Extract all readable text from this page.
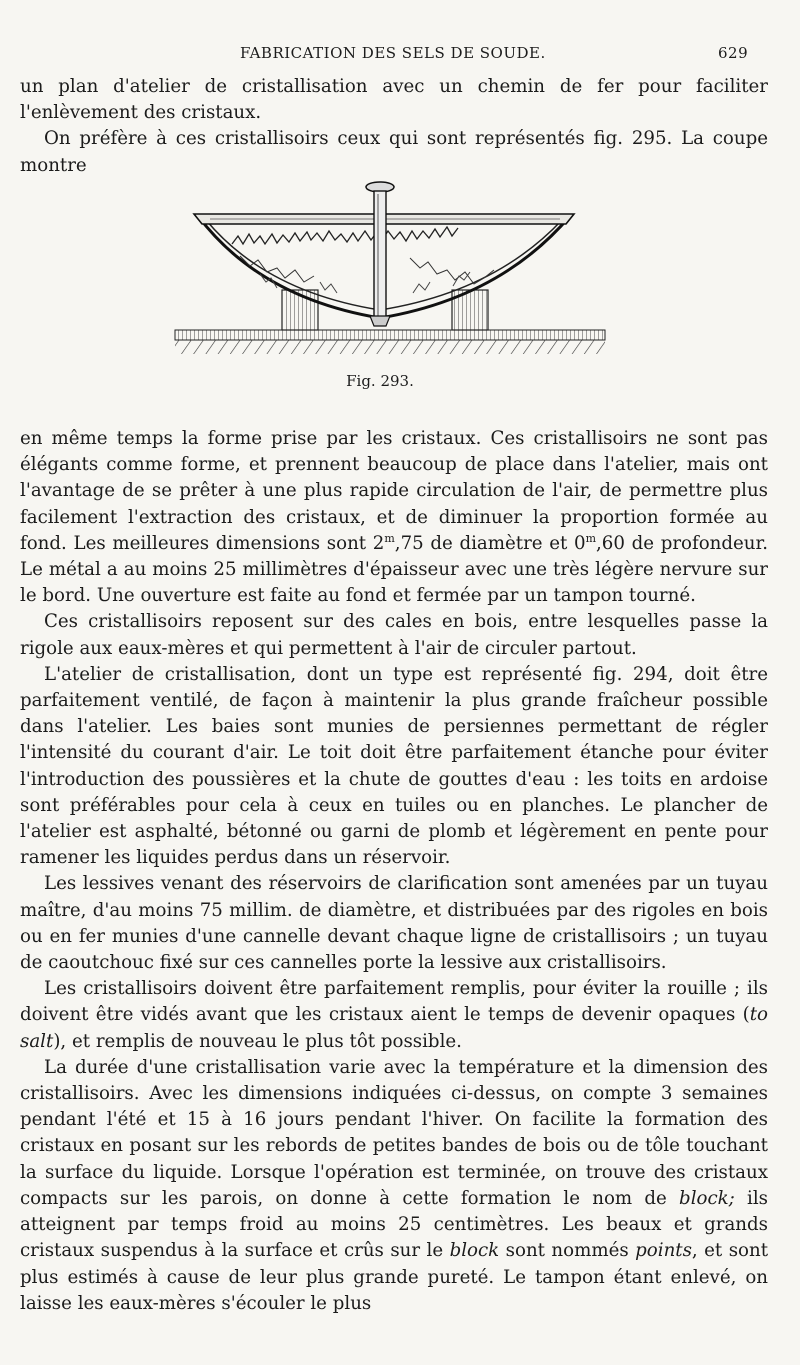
FABRICATION DES SELS DE SOUDE.	629

un plan d'atelier de cristallisation avec un chemin de fer pour faciliter l'enlèvement des cristaux.

On préfère à ces cristallisoirs ceux qui sont représentés fig. 295. La coupe montre

Fig. 293.

en même temps la forme prise par les cristaux. Ces cristallisoirs ne sont pas élégants comme forme, et prennent beaucoup de place dans l'atelier, mais ont l'avantage de se prêter à une plus rapide circulation de l'air, de permettre plus facilement l'extraction des cristaux, et de diminuer la proportion formée au fond. Les meilleures dimensions sont 2$^m$,75 de diamètre et 0$^m$,60 de profondeur. Le métal a au moins 25 millimètres d'épaisseur avec une très légère nervure sur le bord. Une ouverture est faite au fond et fermée par un tampon tourné.

Ces cristallisoirs reposent sur des cales en bois, entre lesquelles passe la rigole aux eaux-mères et qui permettent à l'air de circuler partout.

L'atelier de cristallisation, dont un type est représenté fig. 294, doit être parfaitement ventilé, de façon à maintenir la plus grande fraîcheur possible dans l'atelier. Les baies sont munies de persiennes permettant de régler l'intensité du courant d'air. Le toit doit être parfaitement étanche pour éviter l'introduction des poussières et la chute de gouttes d'eau : les toits en ardoise sont préférables pour cela à ceux en tuiles ou en planches. Le plancher de l'atelier est asphalté, bétonné ou garni de plomb et légèrement en pente pour ramener les liquides perdus dans un réservoir.

Les lessives venant des réservoirs de clarification sont amenées par un tuyau maître, d'au moins 75 millim. de diamètre, et distribuées par des rigoles en bois ou en fer munies d'une cannelle devant chaque ligne de cristallisoirs ; un tuyau de caoutchouc fixé sur ces cannelles porte la lessive aux cristallisoirs.

Les cristallisoirs doivent être parfaitement remplis, pour éviter la rouille ; ils doivent être vidés avant que les cristaux aient le temps de devenir opaques (to salt), et remplis de nouveau le plus tôt possible.

La durée d'une cristallisation varie avec la température et la dimension des cristallisoirs. Avec les dimensions indiquées ci-dessus, on compte 3 semaines pendant l'été et 15 à 16 jours pendant l'hiver. On facilite la formation des cristaux en posant sur les rebords de petites bandes de bois ou de tôle touchant la surface du liquide. Lorsque l'opération est terminée, on trouve des cristaux compacts sur les parois, on donne à cette formation le nom de block; ils atteignent par temps froid au moins 25 centimètres. Les beaux et grands cristaux suspendus à la surface et crûs sur le block sont nommés points, et sont plus estimés à cause de leur plus grande pureté. Le tampon étant enlevé, on laisse les eaux-mères s'écouler le plus
